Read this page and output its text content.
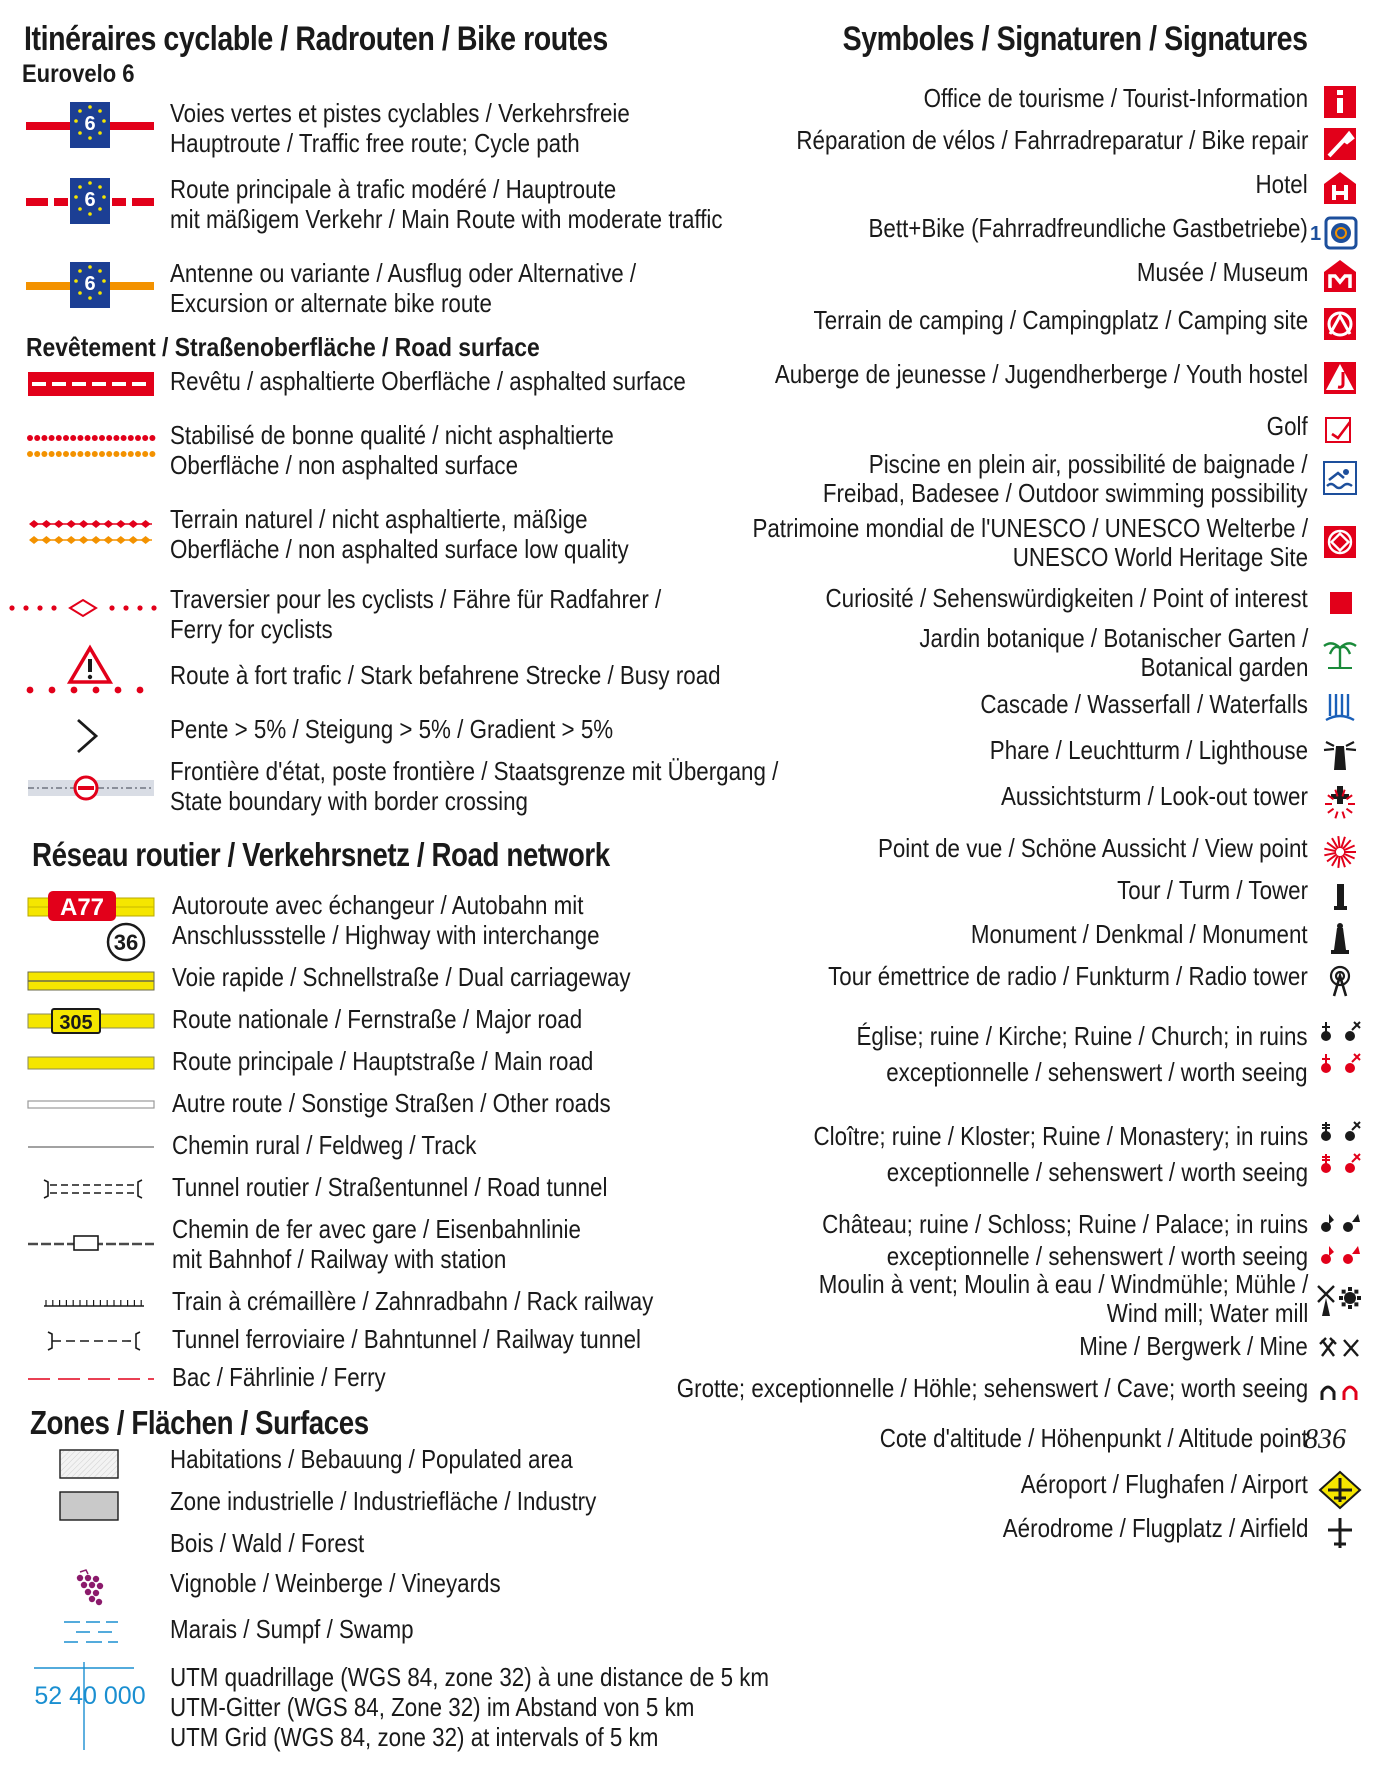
Itinéraires cyclable / Radrouten / Bike routes
Eurovelo 6
6	Voies vertes et pistes cyclables / Verkehrsfreie
Hauptroute / Traffic free route; Cycle path
6	Route principale à trafic modéré / Hauptroute
mit mäßigem Verkehr / Main Route with moderate traffic
6	Antenne ou variante / Ausflug oder Alternative /
Excursion or alternate bike route
Revêtement / Straßenoberfläche / Road surface
Revêtu / asphaltierte Oberfläche / asphalted surface
Stabilisé de bonne qualité / nicht asphaltierte
Oberfläche / non asphalted surface
Terrain naturel / nicht asphaltierte, mäßige
Oberfläche / non asphalted surface low quality
Traversier pour les cyclists / Fähre für Radfahrer /
Ferry for cyclists
Route à fort trafic / Stark befahrene Strecke / Busy road
Pente > 5% / Steigung > 5% / Gradient > 5%
Frontière d'état, poste frontière / Staatsgrenze mit Übergang /
State boundary with border crossing
Réseau routier / Verkehrsnetz / Road network
A77
36
Autoroute avec échangeur / Autobahn mit
Anschlussstelle / Highway with interchange
Voie rapide / Schnellstraße / Dual carriageway
305	Route nationale / Fernstraße / Major road
Route principale / Hauptstraße / Main road
Autre route / Sonstige Straßen / Other roads
Chemin rural / Feldweg / Track
Tunnel routier / Straßentunnel / Road tunnel
Chemin de fer avec gare / Eisenbahnlinie
mit Bahnhof / Railway with station
Train à crémaillère / Zahnradbahn / Rack railway
Tunnel ferroviaire / Bahntunnel / Railway tunnel
Bac / Fährlinie / Ferry
Zones / Flächen / Surfaces
Habitations / Bebauung / Populated area
Zone industrielle / Industriefläche / Industry
Bois / Wald / Forest
Vignoble / Weinberge / Vineyards
Marais / Sumpf / Swamp
52 40 000
UTM quadrillage (WGS 84, zone 32) à une distance de 5 km
UTM-Gitter (WGS 84, Zone 32) im Abstand von 5 km
UTM Grid (WGS 84, zone 32) at intervals of 5 km
Symboles / Signaturen / Signatures
Office de tourisme / Tourist-Information
Réparation de vélos / Fahrradreparatur / Bike repair
Hotel
Bett+Bike (Fahrradfreundliche Gastbetriebe) 1
Musée / Museum
Terrain de camping / Campingplatz / Camping site
Auberge de jeunesse / Jugendherberge / Youth hostel
Golf
Piscine en plein air, possibilité de baignade /
Freibad, Badesee / Outdoor swimming possibility
Patrimoine mondial de l'UNESCO / UNESCO Welterbe /
UNESCO World Heritage Site
Curiosité / Sehenswürdigkeiten / Point of interest
Jardin botanique / Botanischer Garten /
Botanical garden
Cascade / Wasserfall / Waterfalls
Phare / Leuchtturm / Lighthouse
Aussichtsturm / Look-out tower
Point de vue / Schöne Aussicht / View point
Tour / Turm / Tower
Monument / Denkmal / Monument
Tour émettrice de radio / Funkturm / Radio tower
Église; ruine / Kirche; Ruine / Church; in ruins
exceptionnelle / sehenswert / worth seeing
Cloître; ruine / Kloster; Ruine / Monastery; in ruins
exceptionnelle / sehenswert / worth seeing
Château; ruine / Schloss; Ruine / Palace; in ruins
exceptionnelle / sehenswert / worth seeing
Moulin à vent; Moulin à eau / Windmühle; Mühle /
Wind mill; Water mill
Mine / Bergwerk / Mine
Grotte; exceptionnelle / Höhle; sehenswert / Cave; worth seeing
Cote d'altitude / Höhenpunkt / Altitude point
836
Aéroport / Flughafen / Airport
Aérodrome / Flugplatz / Airfield
